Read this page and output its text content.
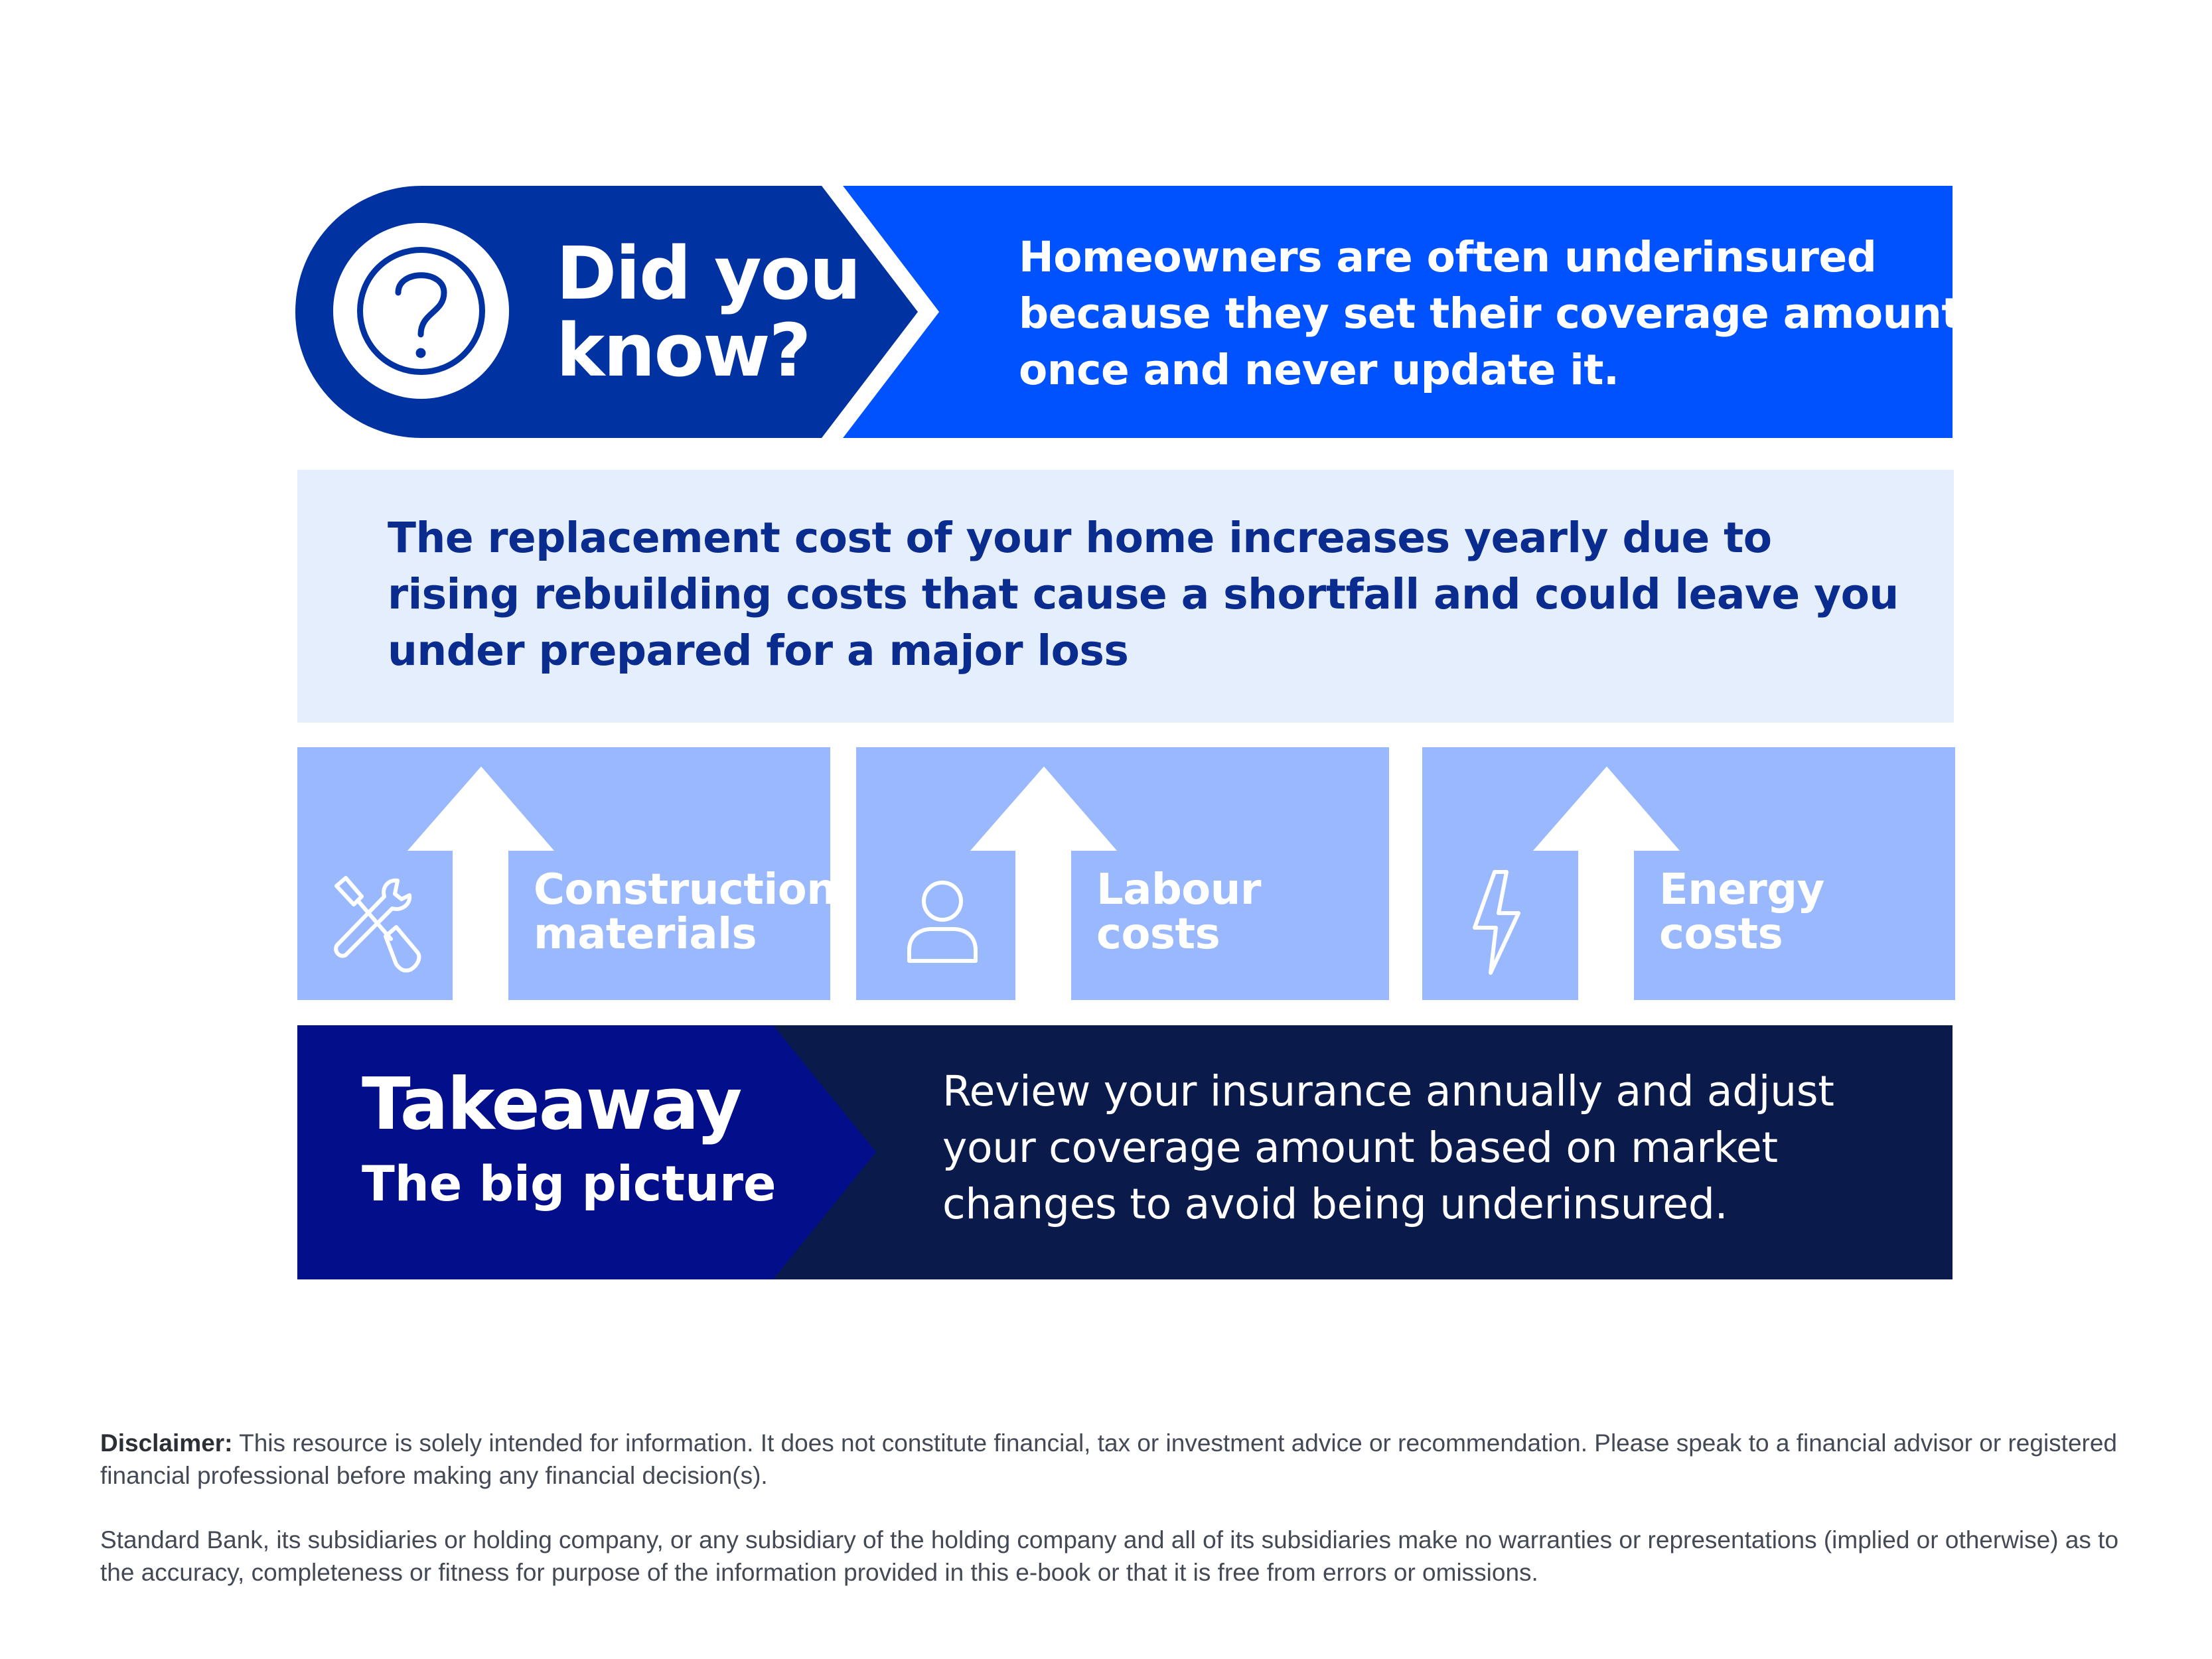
Did you
know?
Homeowners are often underinsured because they set their coverage amount once and never update it.
The replacement cost of your home increases yearly due to rising rebuilding costs that cause a shortfall and could leave you under prepared for a major loss
Construction
materials
Labour
costs
Energy
costs
Takeaway
The big picture
Review your insurance annually and adjust your coverage amount based on market changes to avoid being underinsured.

Disclaimer: This resource is solely intended for information. It does not constitute financial, tax or investment advice or recommendation. Please speak to a financial advisor or registered financial professional before making any financial decision(s).

Standard Bank, its subsidiaries or holding company, or any subsidiary of the holding company and all of its subsidiaries make no warranties or representations (implied or otherwise) as to the accuracy, completeness or fitness for purpose of the information provided in this e-book or that it is free from errors or omissions.
